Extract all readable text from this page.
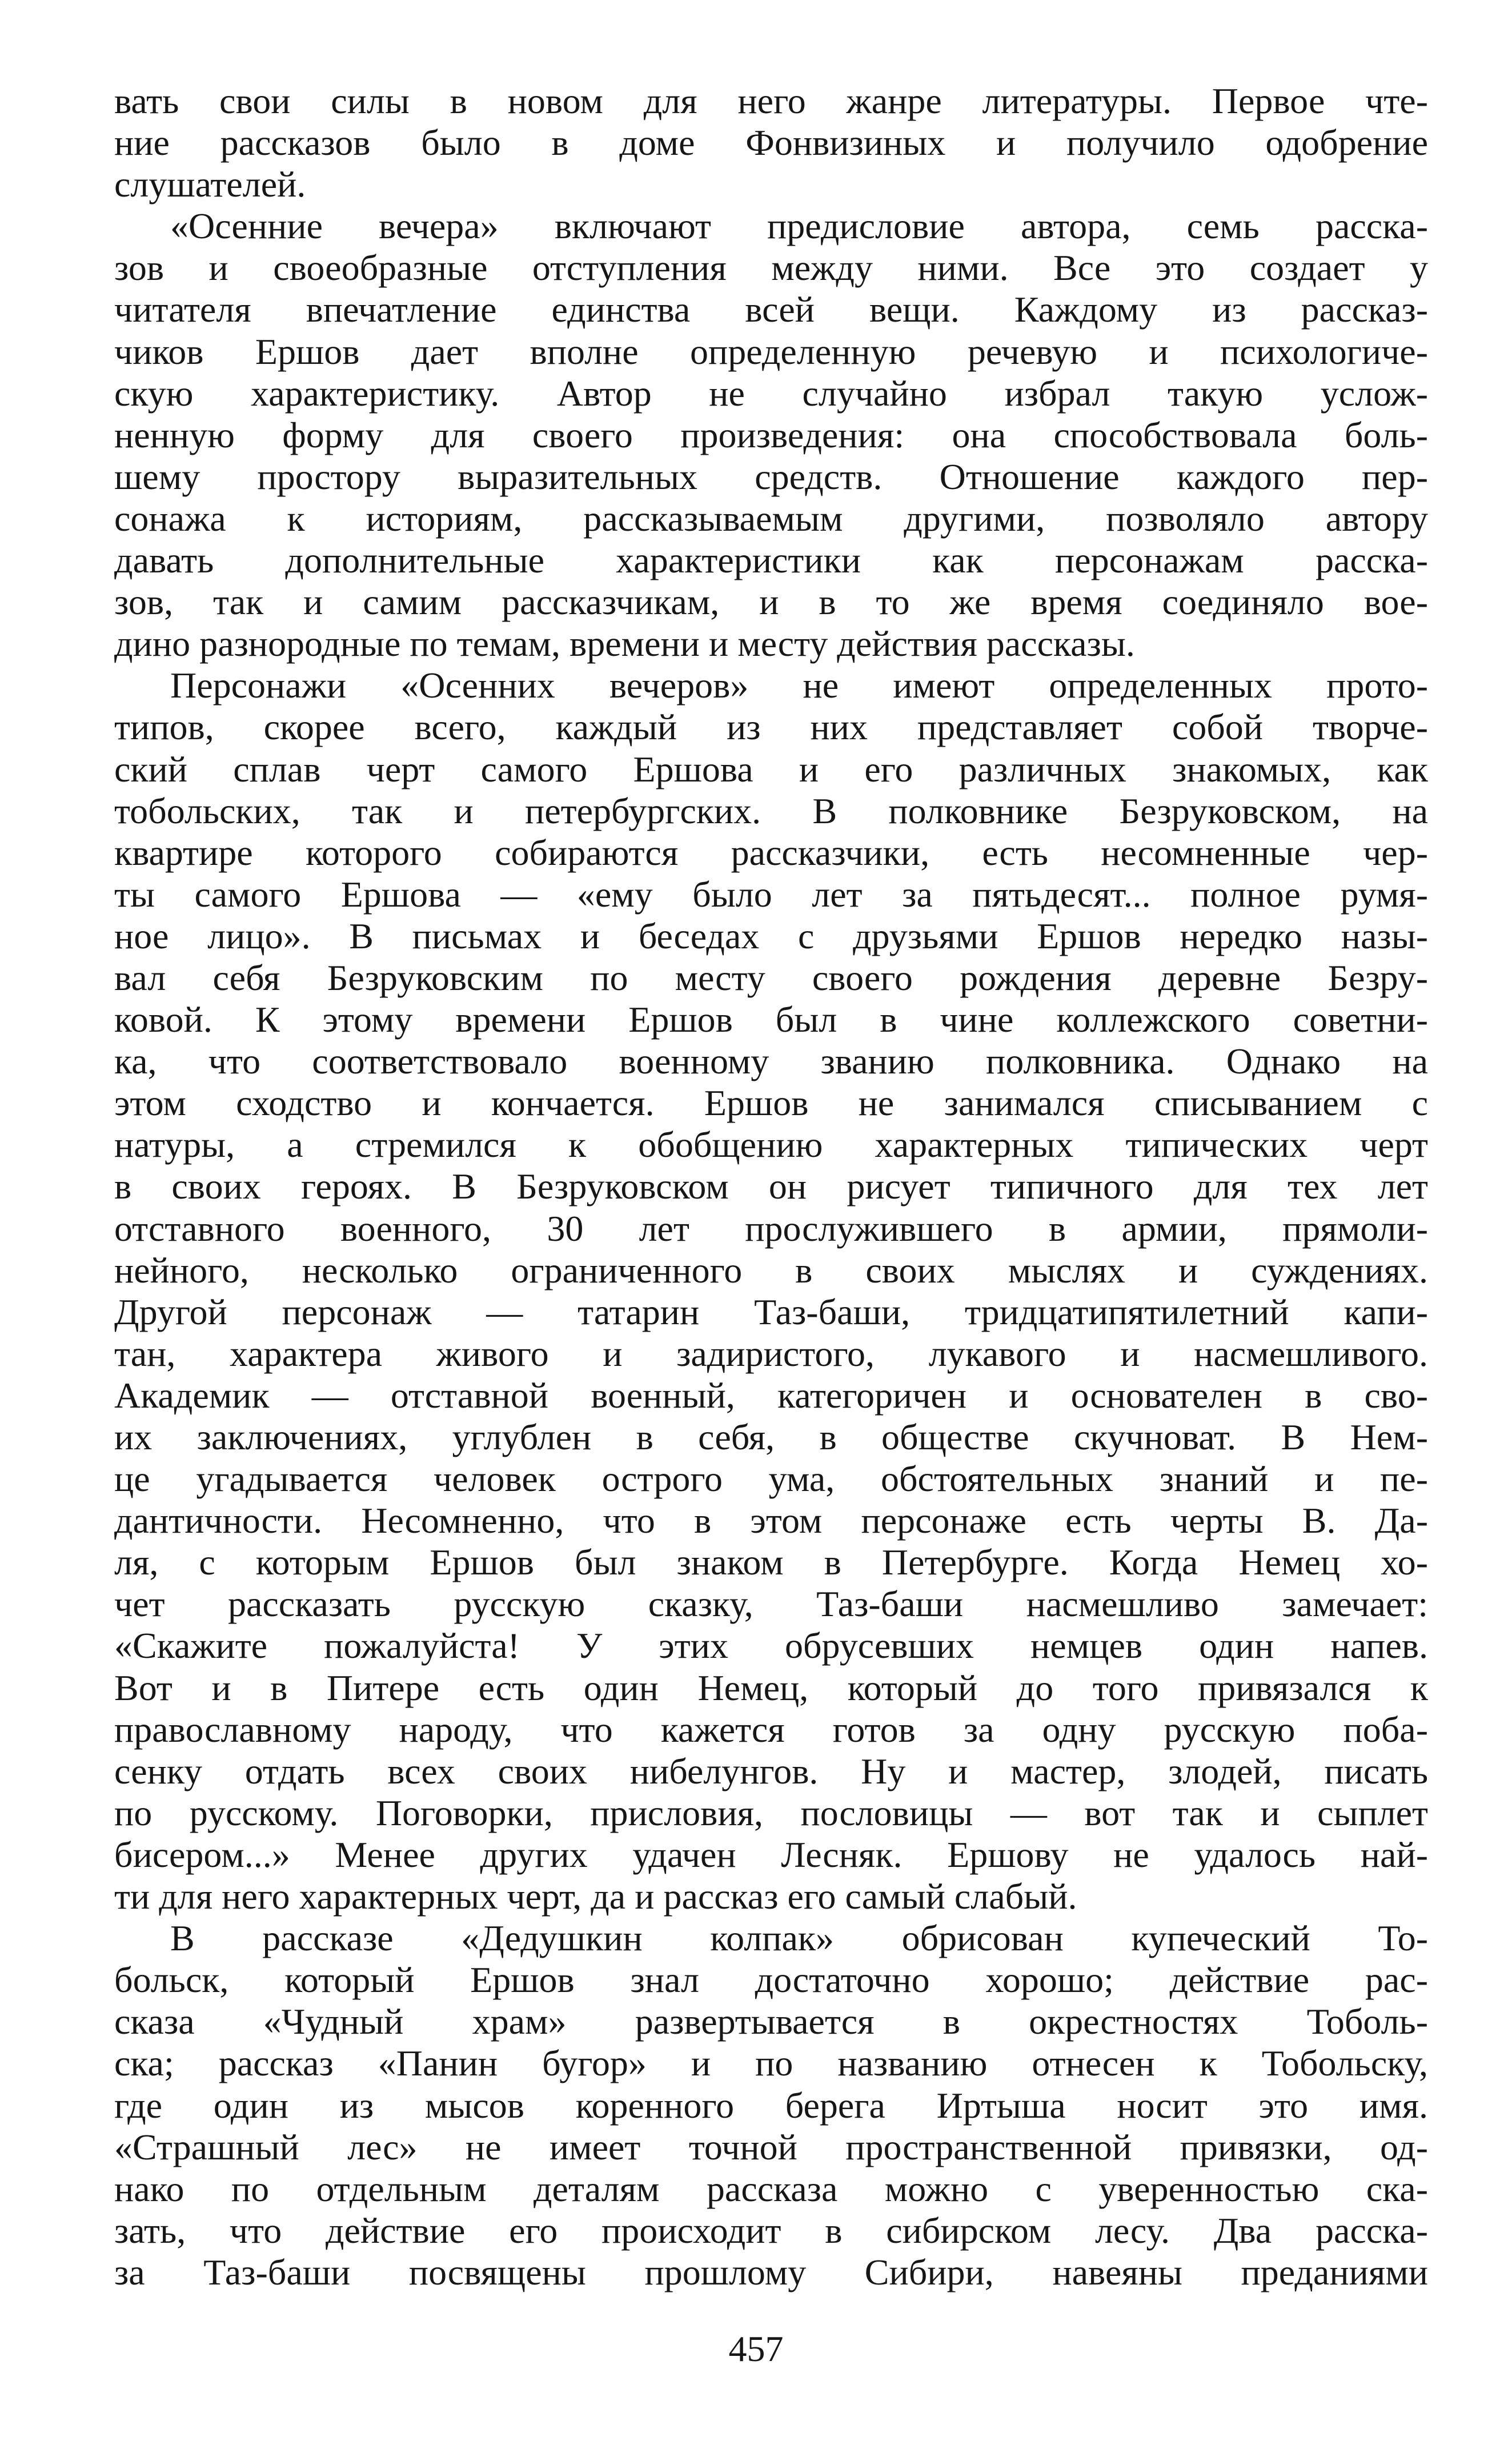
вать свои силы в новом для него жанре литературы. Первое чте-
ние рассказов было в доме Фонвизиных и получило одобрение
слушателей.
«Осенние вечера» включают предисловие автора, семь расска-
зов и своеобразные отступления между ними. Все это создает у
читателя впечатление единства всей вещи. Каждому из рассказ-
чиков Ершов дает вполне определенную речевую и психологиче-
скую характеристику. Автор не случайно избрал такую услож-
ненную форму для своего произведения: она способствовала боль-
шему простору выразительных средств. Отношение каждого пер-
сонажа к историям, рассказываемым другими, позволяло автору
давать дополнительные характеристики как персонажам расска-
зов, так и самим рассказчикам, и в то же время соединяло вое-
дино разнородные по темам, времени и месту действия рассказы.
Персонажи «Осенних вечеров» не имеют определенных прото-
типов, скорее всего, каждый из них представляет собой творче-
ский сплав черт самого Ершова и его различных знакомых, как
тобольских, так и петербургских. В полковнике Безруковском, на
квартире которого собираются рассказчики, есть несомненные чер-
ты самого Ершова — «ему было лет за пятьдесят... полное румя-
ное лицо». В письмах и беседах с друзьями Ершов нередко назы-
вал себя Безруковским по месту своего рождения деревне Безру-
ковой. К этому времени Ершов был в чине коллежского советни-
ка, что соответствовало военному званию полковника. Однако на
этом сходство и кончается. Ершов не занимался списыванием с
натуры, а стремился к обобщению характерных типических черт
в своих героях. В Безруковском он рисует типичного для тех лет
отставного военного, 30 лет прослужившего в армии, прямоли-
нейного, несколько ограниченного в своих мыслях и суждениях.
Другой персонаж — татарин Таз-баши, тридцатипятилетний капи-
тан, характера живого и задиристого, лукавого и насмешливого.
Академик — отставной военный, категоричен и основателен в сво-
их заключениях, углублен в себя, в обществе скучноват. В Нем-
це угадывается человек острого ума, обстоятельных знаний и пе-
дантичности. Несомненно, что в этом персонаже есть черты В. Да-
ля, с которым Ершов был знаком в Петербурге. Когда Немец хо-
чет рассказать русскую сказку, Таз-баши насмешливо замечает:
«Скажите пожалуйста! У этих обрусевших немцев один напев.
Вот и в Питере есть один Немец, который до того привязался к
православному народу, что кажется готов за одну русскую поба-
сенку отдать всех своих нибелунгов. Ну и мастер, злодей, писать
по русскому. Поговорки, присловия, пословицы — вот так и сыплет
бисером...» Менее других удачен Лесняк. Ершову не удалось най-
ти для него характерных черт, да и рассказ его самый слабый.
В рассказе «Дедушкин колпак» обрисован купеческий То-
больск, который Ершов знал достаточно хорошо; действие рас-
сказа «Чудный храм» развертывается в окрестностях Тоболь-
ска; рассказ «Панин бугор» и по названию отнесен к Тобольску,
где один из мысов коренного берега Иртыша носит это имя.
«Страшный лес» не имеет точной пространственной привязки, од-
нако по отдельным деталям рассказа можно с уверенностью ска-
зать, что действие его происходит в сибирском лесу. Два расска-
за Таз-баши посвящены прошлому Сибири, навеяны преданиями
457
